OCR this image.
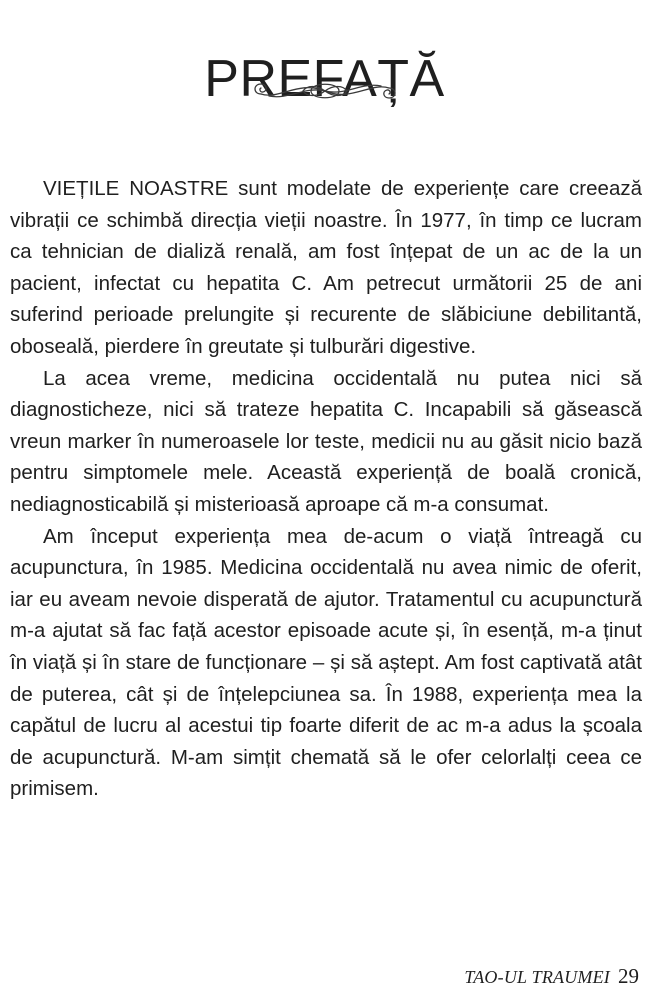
PREFAȚĂ

VIEȚILE NOASTRE sunt modelate de experiențe care creează vibrații ce schimbă direcția vieții noastre. În 1977, în timp ce lucram ca tehnician de dializă renală, am fost înțepat de un ac de la un pacient, infectat cu hepatita C. Am petrecut următorii 25 de ani suferind perioade prelungite și recurente de slăbiciune debilitantă, oboseală, pierdere în greutate și tulburări digestive.

La acea vreme, medicina occidentală nu putea nici să diagnosticheze, nici să trateze hepatita C. Incapabili să găsească vreun marker în numeroasele lor teste, medicii nu au găsit nicio bază pentru simptomele mele. Această experiență de boală cronică, nediagnosticabilă și misterioasă aproape că m-a consumat.

Am început experiența mea de-acum o viață întreagă cu acupunctura, în 1985. Medicina occidentală nu avea nimic de oferit, iar eu aveam nevoie disperată de ajutor. Tratamentul cu acupunctură m-a ajutat să fac față acestor episoade acute și, în esență, m-a ținut în viață și în stare de funcționare – și să aștept. Am fost captivată atât de puterea, cât și de înțelepciunea sa. În 1988, experiența mea la capătul de lucru al acestui tip foarte diferit de ac m-a adus la școala de acupunctură. M-am simțit chemată să le ofer celorlalți ceea ce primisem.

TAO-UL TRAUMEI 29
